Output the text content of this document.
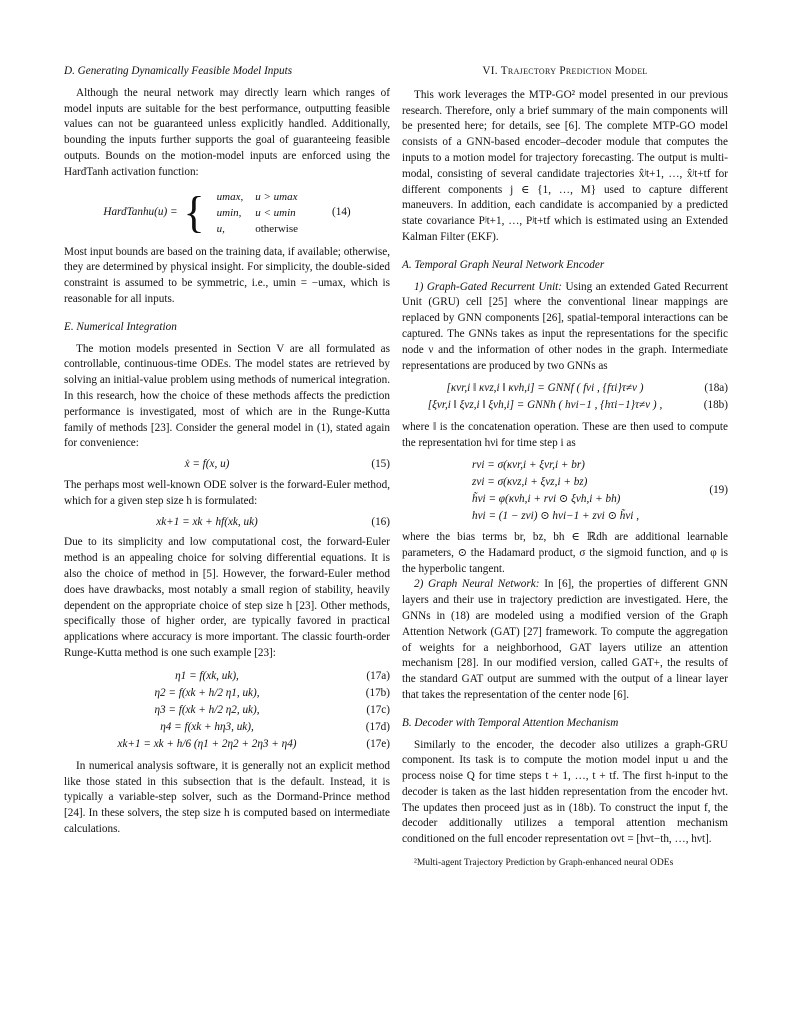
D. Generating Dynamically Feasible Model Inputs

Although the neural network may directly learn which ranges of model inputs are suitable for the best performance, outputting feasible values can not be guaranteed unless explicitly handled. Additionally, bounding the inputs further supports the goal of guaranteeing feasible outputs. Bounds on the motion-model inputs are enforced using the HardTanh activation function:

HardTanhu(u) = { umax,	u > umax
umin,	u < umin
u,	otherwise
(14)

Most input bounds are based on the training data, if available; otherwise, they are determined by physical insight. For simplicity, the double-sided constraint is assumed to be symmetric, i.e., umin = −umax, which is reasonable for all inputs.

E. Numerical Integration

The motion models presented in Section V are all formulated as controllable, continuous-time ODEs. The model states are retrieved by solving an initial-value problem using methods of numerical integration. In this research, how the choice of these methods affects the prediction performance is investigated, most of which are in the Runge-Kutta family of methods [23]. Consider the general model in (1), stated again for convenience:

ẋ = f(x, u)	(15)

The perhaps most well-known ODE solver is the forward-Euler method, which for a given step size h is formulated:

xk+1 = xk + hf(xk, uk)	(16)

Due to its simplicity and low computational cost, the forward-Euler method is an appealing choice for solving differential equations. It is also the choice of method in [5]. However, the forward-Euler method does have drawbacks, most notably a small region of stability, heavily dependent on the appropriate choice of step size h [23]. Other methods, specifically those of higher order, are typically favored in practical applications where accuracy is more important. The classic fourth-order Runge-Kutta method is one such example [23]:

η1 = f(xk, uk),	(17a)
η2 = f(xk + h/2 η1, uk),	(17b)
η3 = f(xk + h/2 η2, uk),	(17c)
η4 = f(xk + hη3, uk),	(17d)
xk+1 = xk + h/6 (η1 + 2η2 + 2η3 + η4)	(17e)

In numerical analysis software, it is generally not an explicit method like those stated in this subsection that is the default. Instead, it is typically a variable-step solver, such as the Dormand-Prince method [24]. In these solvers, the step size h is computed based on intermediate calculations.

VI. Trajectory Prediction Model

This work leverages the MTP-GO² model presented in our previous research. Therefore, only a brief summary of the main components will be presented here; for details, see [6]. The complete MTP-GO model consists of a GNN-based encoder–decoder module that computes the inputs to a motion model for trajectory forecasting. The output is multi-modal, consisting of several candidate trajectories x̂ʲt+1, …, x̂ʲt+tf for different components j ∈ {1, …, M} used to capture different maneuvers. In addition, each candidate is accompanied by a predicted state covariance Pʲt+1, …, Pʲt+tf which is estimated using an Extended Kalman Filter (EKF).

A. Temporal Graph Neural Network Encoder

1) Graph-Gated Recurrent Unit: Using an extended Gated Recurrent Unit (GRU) cell [25] where the conventional linear mappings are replaced by GNN components [26], spatial-temporal interactions can be captured. The GNNs takes as input the representations for the specific node ν and the information of other nodes in the graph. Intermediate representations are produced by two GNNs as

[κνr,i ‖ κνz,i ‖ κνh,i] = GNNf ( fνi , {fτi}τ≠ν )	(18a)
[ξνr,i ‖ ξνz,i ‖ ξνh,i] = GNNh ( hνi−1 , {hτi−1}τ≠ν ) ,	(18b)

where ‖ is the concatenation operation. These are then used to compute the representation hνi for time step i as

rνi = σ(κνr,i + ξνr,i + br)
zνi = σ(κνz,i + ξνz,i + bz)
h̃νi = φ(κνh,i + rνi ⊙ ξνh,i + bh)
hνi = (1 − zνi) ⊙ hνi−1 + zνi ⊙ h̃νi ,
(19)

where the bias terms br, bz, bh ∈ ℝdh are additional learnable parameters, ⊙ the Hadamard product, σ the sigmoid function, and φ is the hyperbolic tangent.

2) Graph Neural Network: In [6], the properties of different GNN layers and their use in trajectory prediction are investigated. Here, the GNNs in (18) are modeled using a modified version of the Graph Attention Network (GAT) [27] framework. To compute the aggregation of weights for a neighborhood, GAT layers utilize an attention mechanism [28]. In our modified version, called GAT+, the results of the standard GAT output are summed with the output of a linear layer that takes the representation of the center node [6].

B. Decoder with Temporal Attention Mechanism

Similarly to the encoder, the decoder also utilizes a graph-GRU component. Its task is to compute the motion model input u and the process noise Q for time steps t + 1, …, t + tf. The first h-input to the decoder is taken as the last hidden representation from the encoder hνt. The updates then proceed just as in (18b). To construct the input f, the decoder additionally utilizes a temporal attention mechanism conditioned on the full encoder representation oνt = [hνt−th, …, hνt].

²Multi-agent Trajectory Prediction by Graph-enhanced neural ODEs
